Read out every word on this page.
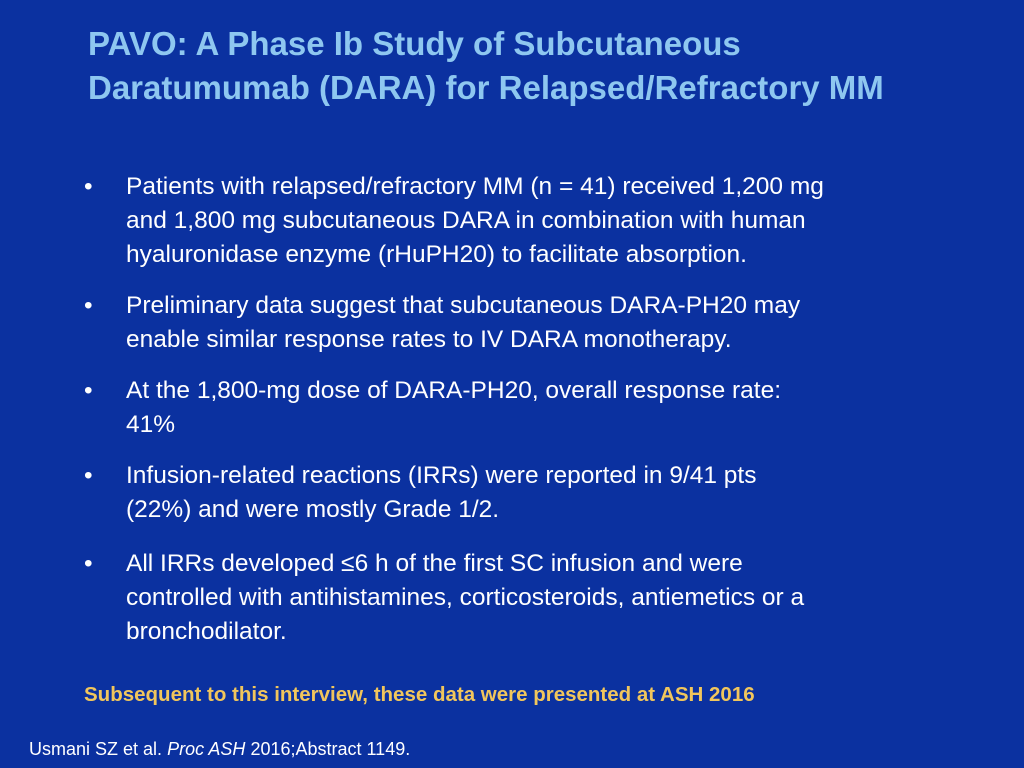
PAVO: A Phase Ib Study of Subcutaneous
Daratumumab (DARA) for Relapsed/Refractory MM
•	Patients with relapsed/refractory MM (n = 41) received 1,200 mg
and 1,800 mg subcutaneous DARA in combination with human
hyaluronidase enzyme (rHuPH20) to facilitate absorption.
•	Preliminary data suggest that subcutaneous DARA-PH20 may
enable similar response rates to IV DARA monotherapy.
•	At the 1,800-mg dose of DARA-PH20, overall response rate:
41%
•	Infusion-related reactions (IRRs) were reported in 9/41 pts
(22%) and were mostly Grade 1/2.
•	All IRRs developed ≤6 h of the first SC infusion and were
controlled with antihistamines, corticosteroids, antiemetics or a
bronchodilator.
Subsequent to this interview, these data were presented at ASH 2016
Usmani SZ et al. Proc ASH 2016;Abstract 1149.
